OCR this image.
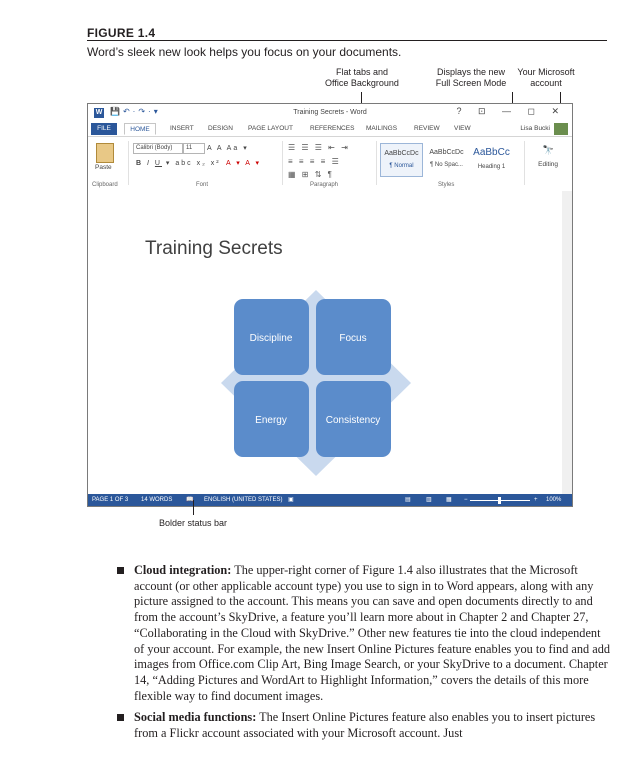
FIGURE 1.4
Word’s sleek new look helps you focus on your documents.
Flat tabs and
Office Background
Displays the new
Full Screen Mode
Your Microsoft
account
W 💾↶·↷·▾	Training Secrets - Word	? ⊡ — ◻ ✕
FILE	HOME	INSERT DESIGN PAGE LAYOUT	REFERENCES MAILINGS	REVIEW VIEW	Lisa Bucki
Paste
Calibri (Body)	11	A A Aa ▾
B I U ▾ abc x₂ x² A ▾ A ▾
☰ ☰ ☰ ⇤ ⇥
≡ ≡ ≡ ≡ ☰
▦ ⊞ ⇅ ¶
AaBbCcDc
¶ Normal
AaBbCcDc
¶ No Spac...
AaBbCc
Heading 1
🔭
Editing
Clipboard	Font	Paragraph	Styles
Training Secrets
Discipline	Focus
Energy	Consistency
PAGE 1 OF 3 14 WORDS 📖 ENGLISH (UNITED STATES) ▣	▤	▥ ▦ −	+ 100%
Bolder status bar
Cloud integration: The upper-right corner of Figure 1.4 also illustrates that the Microsoft account (or other applicable account type) you use to sign in to Word appears, along with any picture assigned to the account. This means you can save and open documents directly to and from the account’s SkyDrive, a feature you’ll learn more about in Chapter 2 and Chapter 27, “Collaborating in the Cloud with SkyDrive.” Other new features tie into the cloud independent of your account. For example, the new Insert Online Pictures feature enables you to find and add images from Office.com Clip Art, Bing Image Search, or your SkyDrive to a document. Chapter 14, “Adding Pictures and WordArt to Highlight Information,” covers the details of this more flexible way to find document images.
Social media functions: The Insert Online Pictures feature also enables you to insert pictures from a Flickr account associated with your Microsoft account. Just
